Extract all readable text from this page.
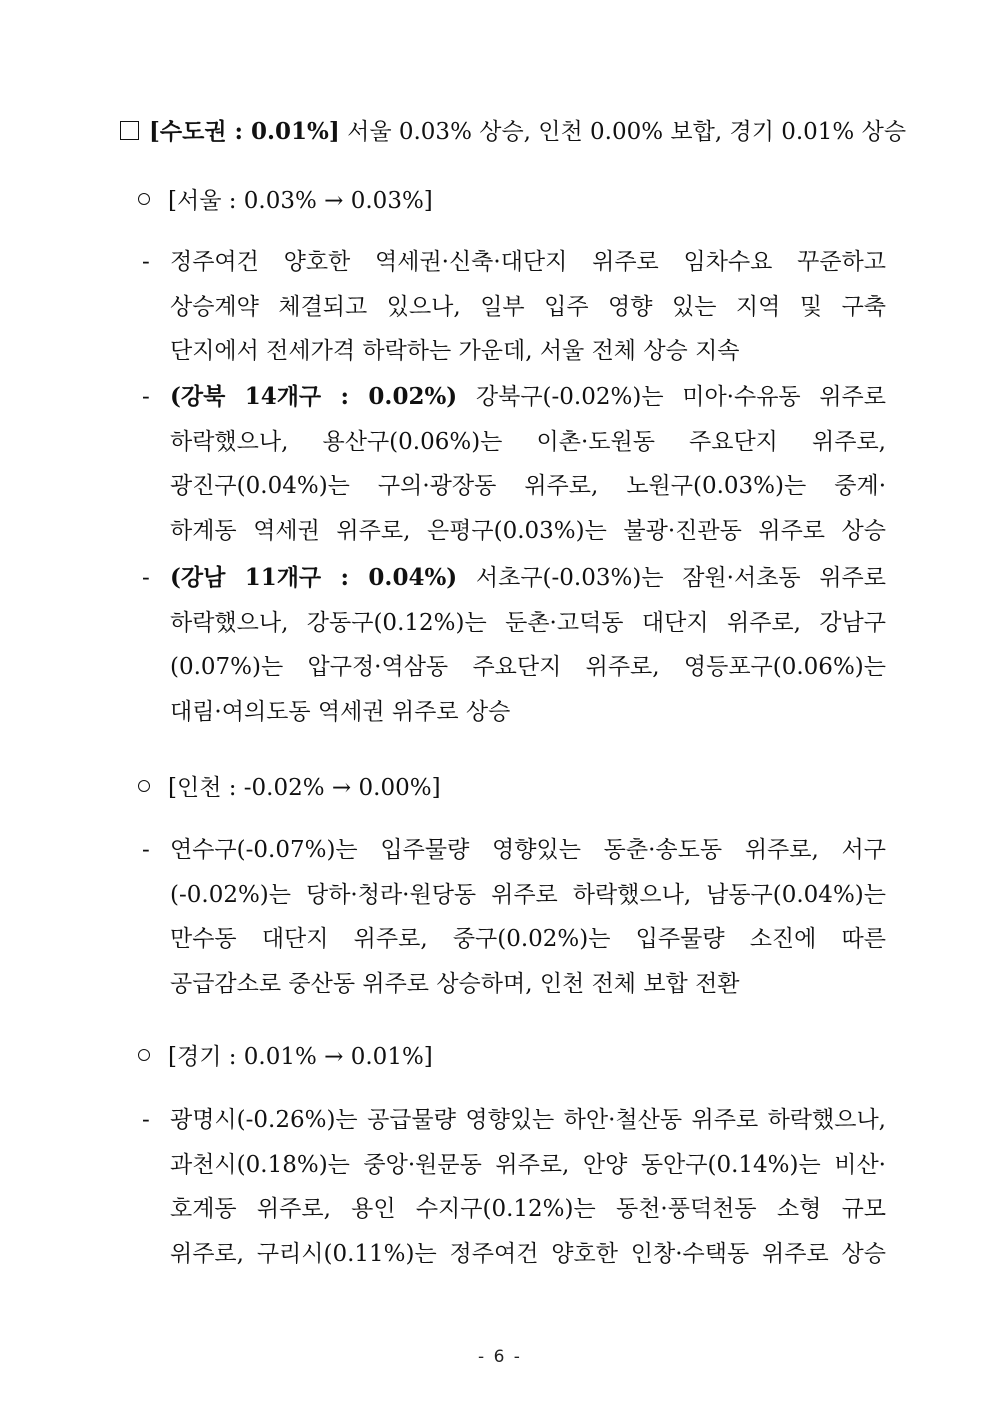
[수도권 : 0.01%] 서울 0.03% 상승, 인천 0.00% 보합, 경기 0.01% 상승
[서울 : 0.03% → 0.03%]
- 정주여건 양호한 역세권·신축·대단지 위주로 임차수요 꾸준하고
상승계약 체결되고 있으나, 일부 입주 영향 있는 지역 및 구축
단지에서 전세가격 하락하는 가운데, 서울 전체 상승 지속
- (강북 14개구 : 0.02%) 강북구(-0.02%)는 미아·수유동 위주로
하락했으나, 용산구(0.06%)는 이촌·도원동 주요단지 위주로,
광진구(0.04%)는 구의·광장동 위주로, 노원구(0.03%)는 중계·
하계동 역세권 위주로, 은평구(0.03%)는 불광·진관동 위주로 상승
- (강남 11개구 : 0.04%) 서초구(-0.03%)는 잠원·서초동 위주로
하락했으나, 강동구(0.12%)는 둔촌·고덕동 대단지 위주로, 강남구
(0.07%)는 압구정·역삼동 주요단지 위주로, 영등포구(0.06%)는
대림·여의도동 역세권 위주로 상승
[인천 : -0.02% → 0.00%]
- 연수구(-0.07%)는 입주물량 영향있는 동춘·송도동 위주로, 서구
(-0.02%)는 당하·청라·원당동 위주로 하락했으나, 남동구(0.04%)는
만수동 대단지 위주로, 중구(0.02%)는 입주물량 소진에 따른
공급감소로 중산동 위주로 상승하며, 인천 전체 보합 전환
[경기 : 0.01% → 0.01%]
- 광명시(-0.26%)는 공급물량 영향있는 하안·철산동 위주로 하락했으나,
과천시(0.18%)는 중앙·원문동 위주로, 안양 동안구(0.14%)는 비산·
호계동 위주로, 용인 수지구(0.12%)는 동천·풍덕천동 소형 규모
위주로, 구리시(0.11%)는 정주여건 양호한 인창·수택동 위주로 상승
- 6 -
